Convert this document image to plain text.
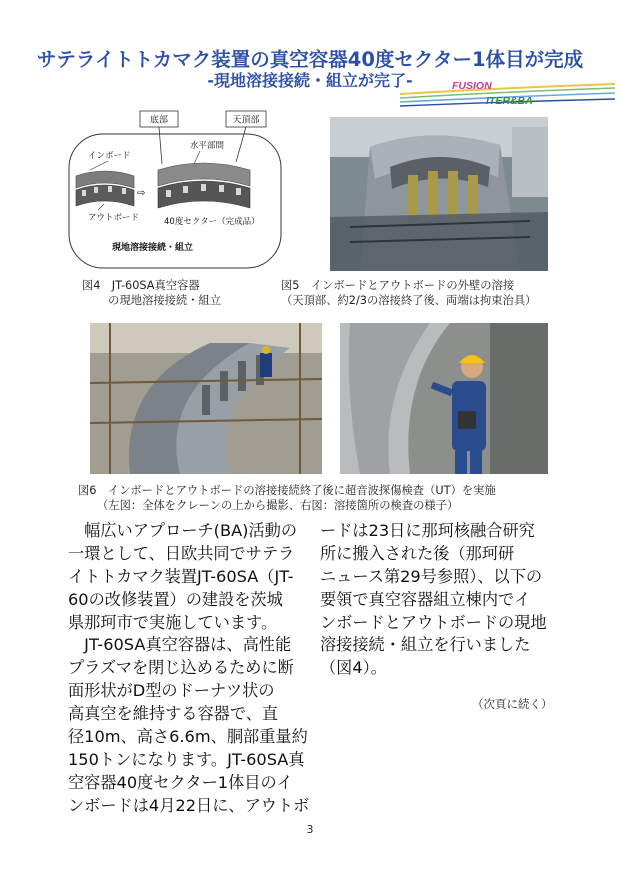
サテライトトカマク装置の真空容器40度セクター1体目が完成
-現地溶接接続・組立が完了-	FUSION
ITER&BA
底部	天頂部
インボード
水平部間
⇨
アウトボード	40度セクター（完成品）
現地溶接接続・組立
図4　JT-60SA真空容器
　　 の現地溶接接続・組立
図5　インボードとアウトボードの外壁の溶接
（天頂部、約2/3の溶接終了後、両端は拘束治具）
図6　インボードとアウトボードの溶接接続終了後に超音波探傷検査（UT）を実施
（左図：全体をクレーンの上から撮影、右図：溶接箇所の検査の様子）
　幅広いアプローチ(BA)活動の
一環として、日欧共同でサテラ
イトトカマク装置JT-60SA（JT-
60の改修装置）の建設を茨城
県那珂市で実施しています。
　JT-60SA真空容器は、高性能
プラズマを閉じ込めるために断
面形状がD型のドーナツ状の
高真空を維持する容器で、直
径10m、高さ6.6m、胴部重量約
150トンになります。JT-60SA真
空容器40度セクター1体目のイ
ンボードは4月22日に、アウトボ
ードは23日に那珂核融合研究
所に搬入された後（那珂研
ニュース第29号参照）、以下の
要領で真空容器組立棟内でイ
ンボードとアウトボードの現地
溶接接続・組立を行いました
（図4）。
（次頁に続く）
3
